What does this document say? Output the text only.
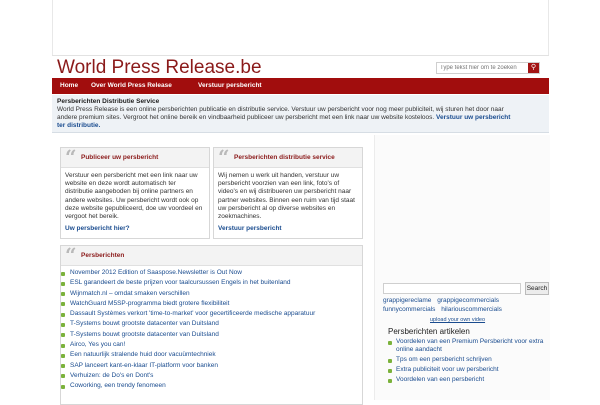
World Press Release.be
Type tekst hier om te zoeken	⚲
Home Over World Press Release	Verstuur persbericht
Persberichten Distributie Service
World Press Release is een online persberichten publicatie en distributie service. Verstuur uw persbericht voor nog meer publiciteit, wij sturen het door naar andere premium sites. Vergroot het online bereik en vindbaarheid publiceer uw persbericht met een link naar uw website kosteloos. Verstuur uw persbericht ter distributie.
“ Publiceer uw persbericht
Verstuur een persbericht met een link naar uw website en deze wordt automatisch ter distributie aangeboden bij online partners en andere websites. Uw persbericht wordt ook op deze website gepubliceerd, doe uw voordeel en vergoot het bereik.
Uw persbericht hier?
“ Persberichten distributie service
Wij nemen u werk uit handen, verstuur uw persbericht voorzien van een link, foto's of video's en wij distribueren uw persbericht naar partner websites. Binnen een ruim van tijd staat uw persbericht al op diverse websites en zoekmachines.
Verstuur persbericht
“ Persberichten
November 2012 Edition of Saaspose.Newsletter is Out Now
ESL garandeert de beste prijzen voor taalcursussen Engels in het buitenland
Wijnmatch.nl – omdat smaken verschillen
WatchGuard M5SP-programma biedt grotere flexibiliteit
Dassault Systèmes verkort 'time-to-market' voor gecertificeerde medische apparatuur
T-Systems bouwt grootste datacenter van Duitsland
T-Systems bouwt grootste datacenter van Duitsland
Airco, Yes you can!
Een natuurlijk stralende huid door vacuümtechniek
SAP lanceert kant-en-klaar IT-platform voor banken
Verhuizen: de Do's en Dont's
Coworking, een trendy fenomeen
Search
grappigereclame grappigecommercials
funnycommercials hilariouscommercials
upload your own video
Persberichten artikelen
Voordelen van een Premium Persbericht voor extra online aandacht
Tps om een persbericht schrijven
Extra publiciteit voor uw persbericht
Voordelen van een persbericht
